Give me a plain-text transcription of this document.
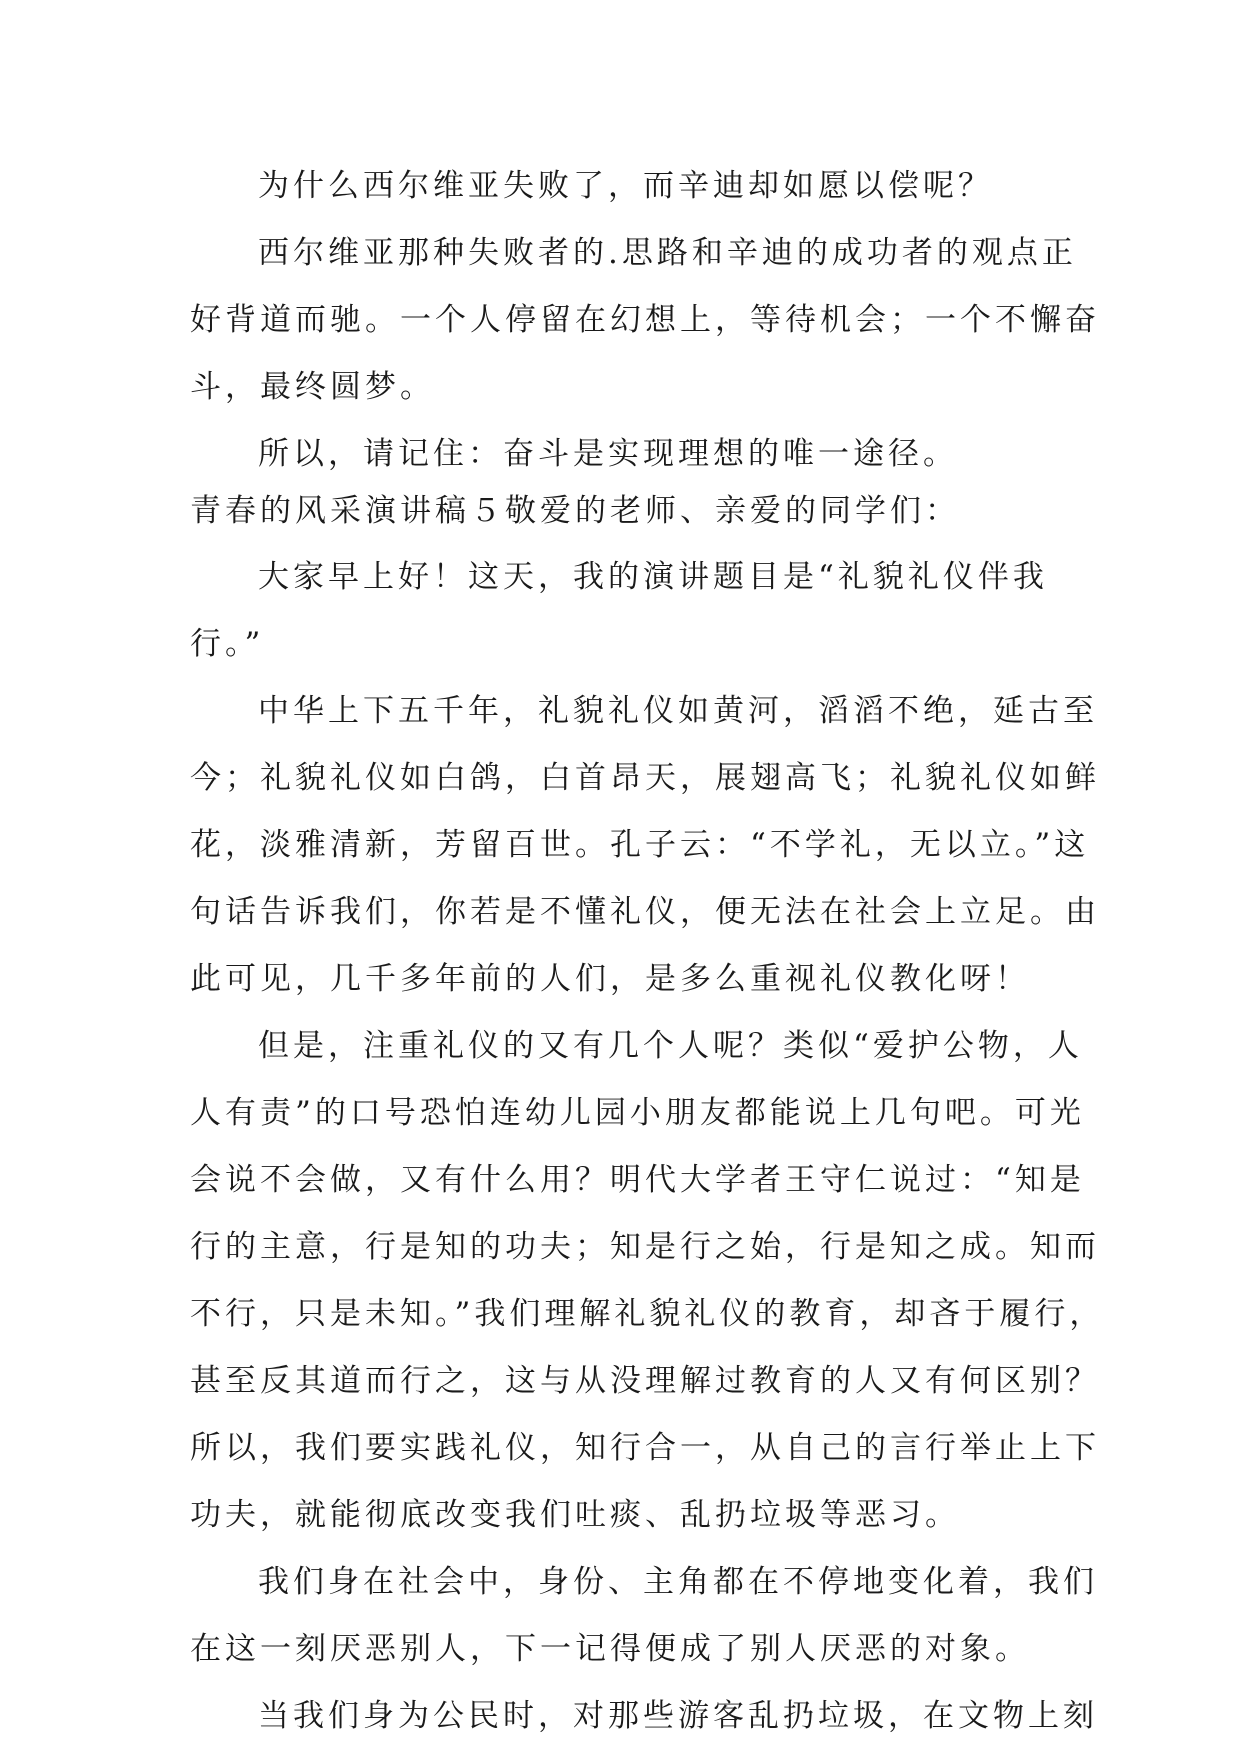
为什么西尔维亚失败了，而辛迪却如愿以偿呢？
西尔维亚那种失败者的.思路和辛迪的成功者的观点正
好背道而驰。一个人停留在幻想上，等待机会；一个不懈奋
斗，最终圆梦。
所以，请记住：奋斗是实现理想的唯一途径。
青春的风采演讲稿５敬爱的老师、亲爱的同学们：
大家早上好！这天，我的演讲题目是“礼貌礼仪伴我
行。”
中华上下五千年，礼貌礼仪如黄河，滔滔不绝，延古至
今；礼貌礼仪如白鸽，白首昂天，展翅高飞；礼貌礼仪如鲜
花，淡雅清新，芳留百世。孔子云：“不学礼，无以立。”这
句话告诉我们，你若是不懂礼仪，便无法在社会上立足。由
此可见，几千多年前的人们，是多么重视礼仪教化呀！
但是，注重礼仪的又有几个人呢？类似“爱护公物，人
人有责”的口号恐怕连幼儿园小朋友都能说上几句吧。可光
会说不会做，又有什么用？明代大学者王守仁说过：“知是
行的主意，行是知的功夫；知是行之始，行是知之成。知而
不行，只是未知。”我们理解礼貌礼仪的教育，却吝于履行，
甚至反其道而行之，这与从没理解过教育的人又有何区别？
所以，我们要实践礼仪，知行合一，从自己的言行举止上下
功夫，就能彻底改变我们吐痰、乱扔垃圾等恶习。
我们身在社会中，身份、主角都在不停地变化着，我们
在这一刻厌恶别人，下一记得便成了别人厌恶的对象。
当我们身为公民时，对那些游客乱扔垃圾，在文物上刻
